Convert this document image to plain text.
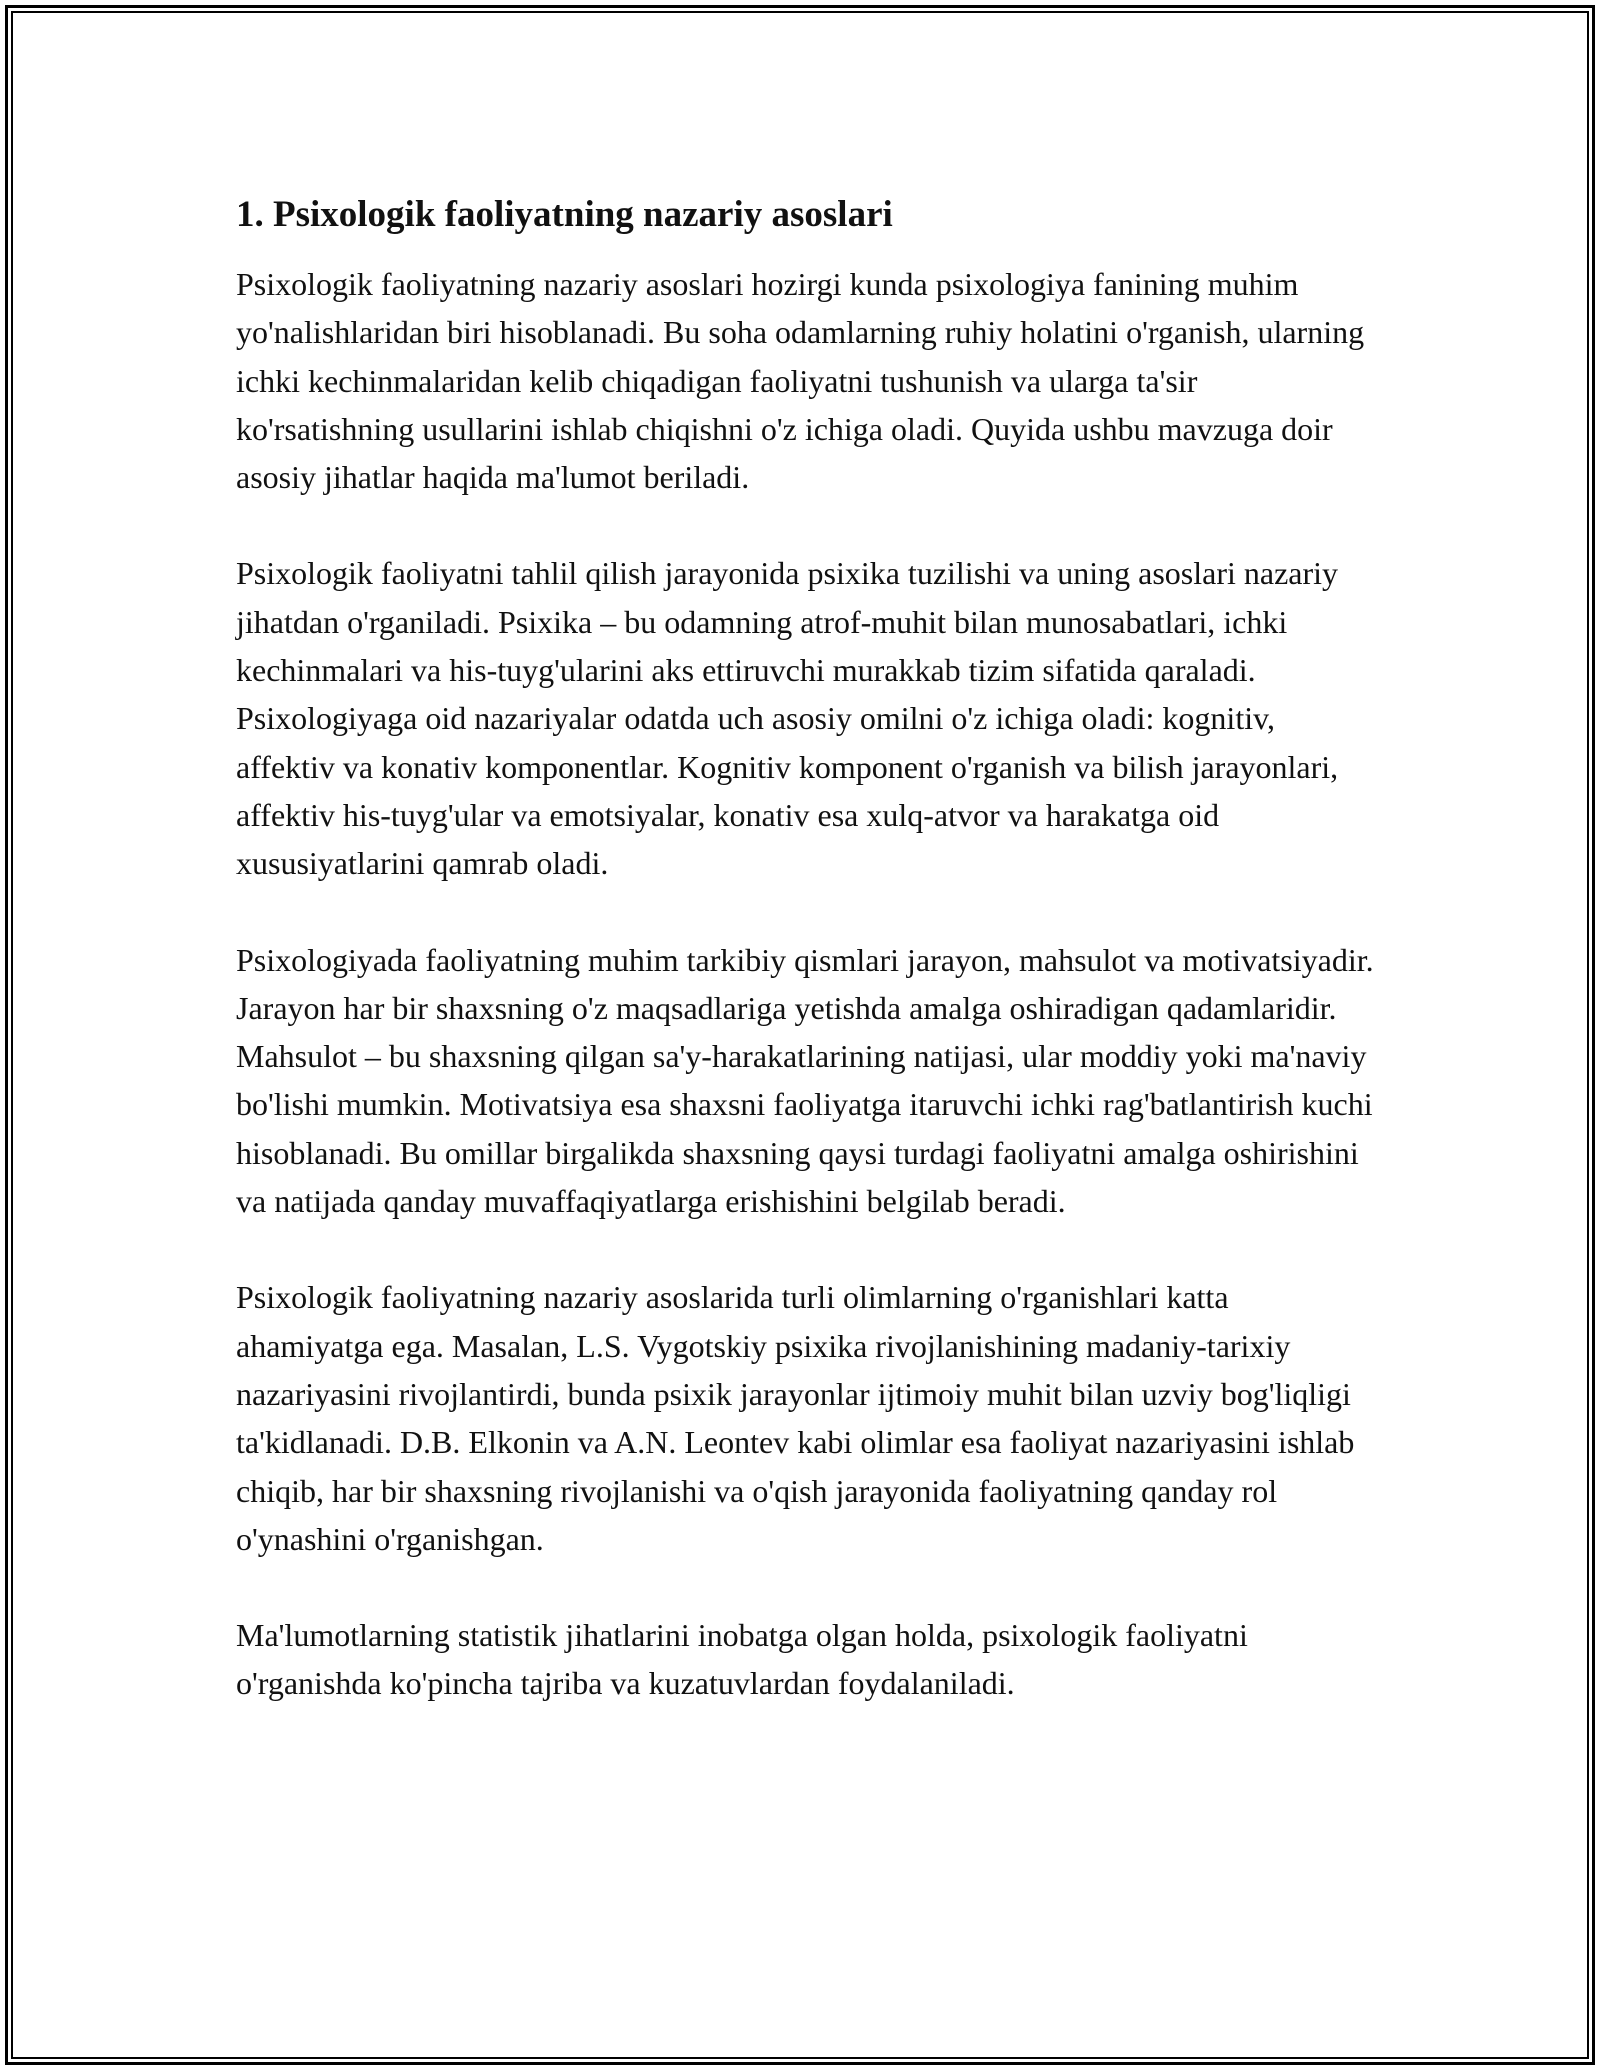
1. Psixologik faoliyatning nazariy asoslari

Psixologik faoliyatning nazariy asoslari hozirgi kunda psixologiya fanining muhim yo'nalishlaridan biri hisoblanadi. Bu soha odamlarning ruhiy holatini o'rganish, ularning ichki kechinmalaridan kelib chiqadigan faoliyatni tushunish va ularga ta'sir ko'rsatishning usullarini ishlab chiqishni o'z ichiga oladi. Quyida ushbu mavzuga doir asosiy jihatlar haqida ma'lumot beriladi.

Psixologik faoliyatni tahlil qilish jarayonida psixika tuzilishi va uning asoslari nazariy jihatdan o'rganiladi. Psixika – bu odamning atrof-muhit bilan munosabatlari, ichki kechinmalari va his-tuyg'ularini aks ettiruvchi murakkab tizim sifatida qaraladi. Psixologiyaga oid nazariyalar odatda uch asosiy omilni o'z ichiga oladi: kognitiv, affektiv va konativ komponentlar. Kognitiv komponent o'rganish va bilish jarayonlari, affektiv his-tuyg'ular va emotsiyalar, konativ esa xulq-atvor va harakatga oid xususiyatlarini qamrab oladi.

Psixologiyada faoliyatning muhim tarkibiy qismlari jarayon, mahsulot va motivatsiyadir. Jarayon har bir shaxsning o'z maqsadlariga yetishda amalga oshiradigan qadamlaridir. Mahsulot – bu shaxsning qilgan sa'y-harakatlarining natijasi, ular moddiy yoki ma'naviy bo'lishi mumkin. Motivatsiya esa shaxsni faoliyatga itaruvchi ichki rag'batlantirish kuchi hisoblanadi. Bu omillar birgalikda shaxsning qaysi turdagi faoliyatni amalga oshirishini va natijada qanday muvaffaqiyatlarga erishishini belgilab beradi.

Psixologik faoliyatning nazariy asoslarida turli olimlarning o'rganishlari katta ahamiyatga ega. Masalan, L.S. Vygotskiy psixika rivojlanishining madaniy-tarixiy nazariyasini rivojlantirdi, bunda psixik jarayonlar ijtimoiy muhit bilan uzviy bog'liqligi ta'kidlanadi. D.B. Elkonin va A.N. Leontev kabi olimlar esa faoliyat nazariyasini ishlab chiqib, har bir shaxsning rivojlanishi va o'qish jarayonida faoliyatning qanday rol o'ynashini o'rganishgan.

Ma'lumotlarning statistik jihatlarini inobatga olgan holda, psixologik faoliyatni o'rganishda ko'pincha tajriba va kuzatuvlardan foydalaniladi.
